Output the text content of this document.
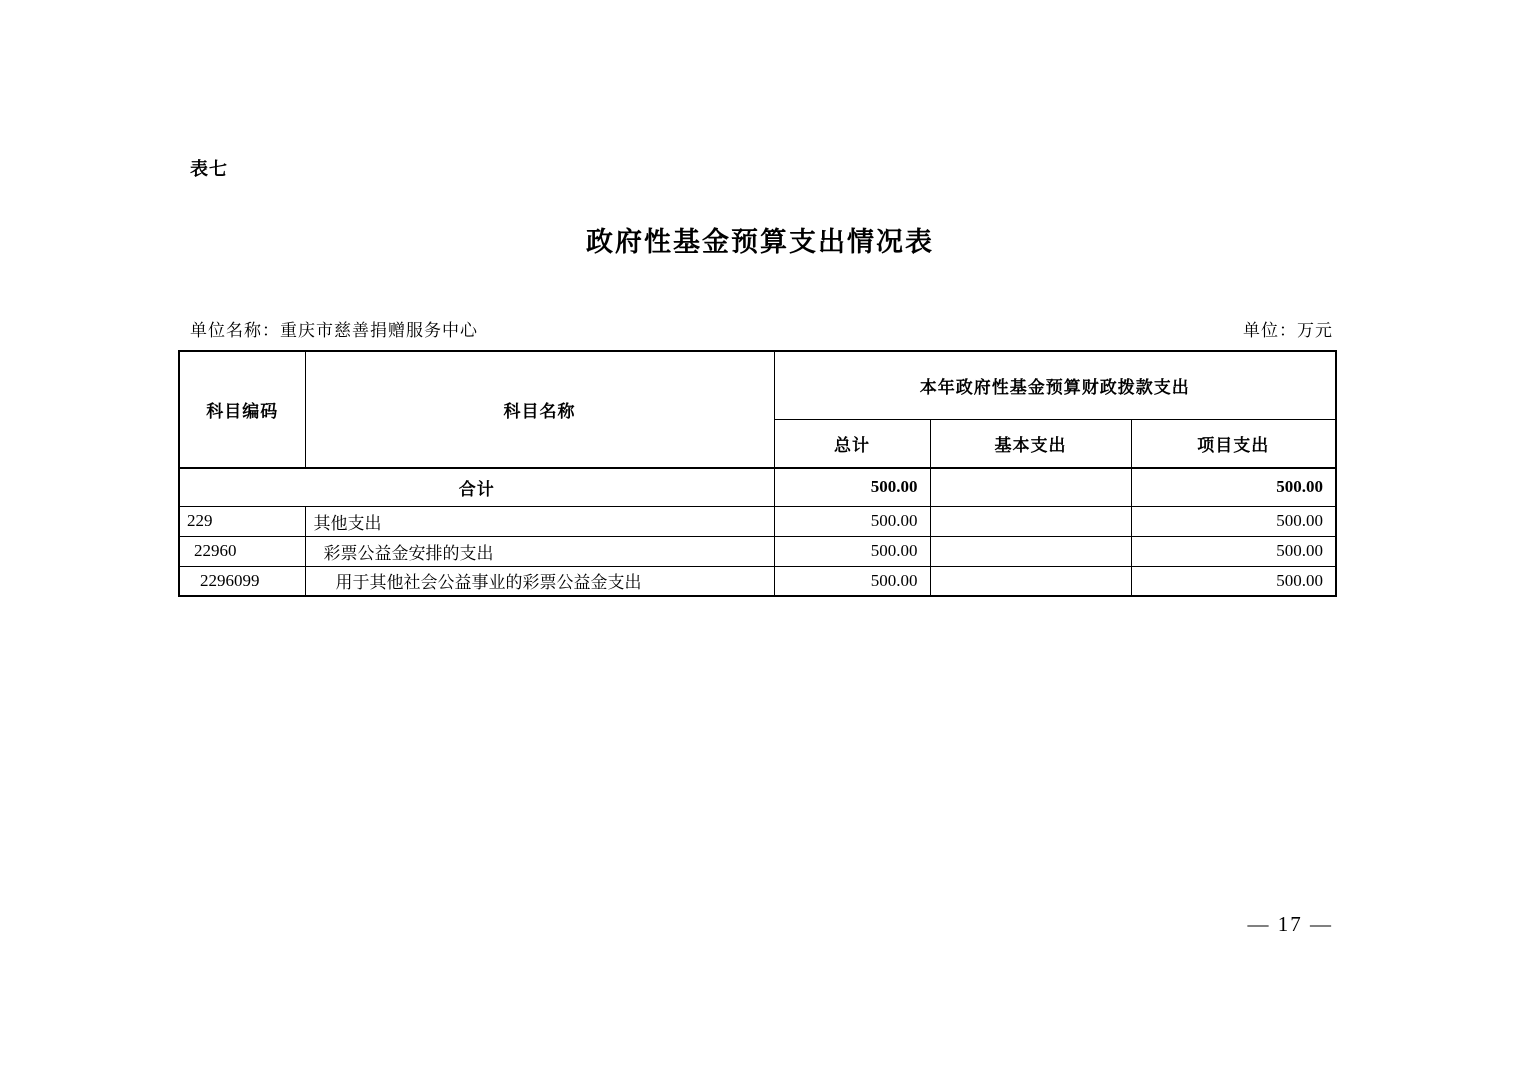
表七
政府性基金预算支出情况表
单位名称：重庆市慈善捐赠服务中心	单位：万元
科目编码	科目名称	本年政府性基金预算财政拨款支出		
		总计	基本支出	项目支出
合计		500.00		500.00
229	其他支出	500.00		500.00
22960	彩票公益金安排的支出	500.00		500.00
2296099	用于其他社会公益事业的彩票公益金支出	500.00		500.00
— 17 —
